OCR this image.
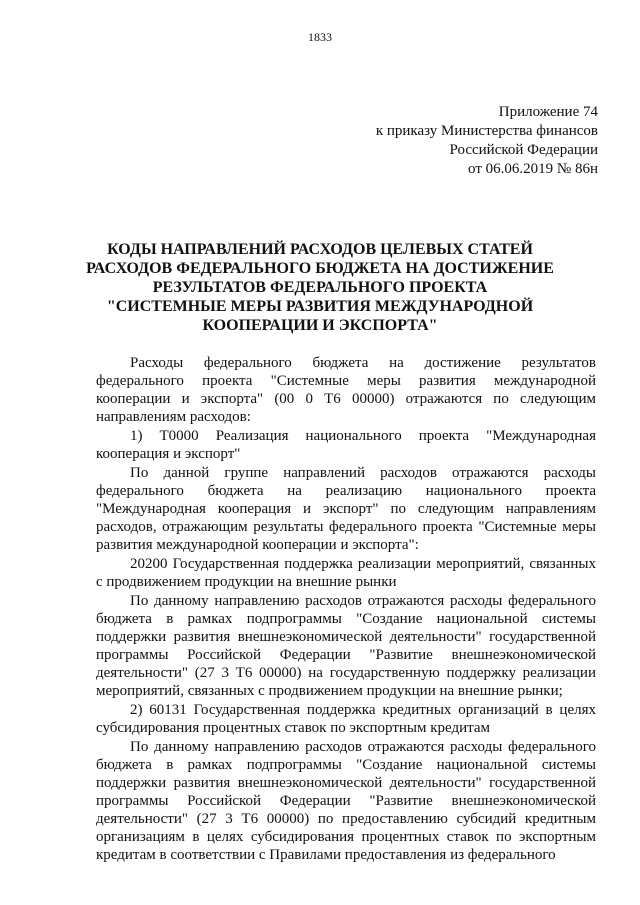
1833
Приложение 74
к приказу Министерства финансов
Российской Федерации
от 06.06.2019 № 86н
КОДЫ НАПРАВЛЕНИЙ РАСХОДОВ ЦЕЛЕВЫХ СТАТЕЙ
РАСХОДОВ ФЕДЕРАЛЬНОГО БЮДЖЕТА НА ДОСТИЖЕНИЕ
РЕЗУЛЬТАТОВ ФЕДЕРАЛЬНОГО ПРОЕКТА
"СИСТЕМНЫЕ МЕРЫ РАЗВИТИЯ МЕЖДУНАРОДНОЙ
КООПЕРАЦИИ И ЭКСПОРТА"

Расходы федерального бюджета на достижение результатов федерального проекта "Системные меры развития международной кооперации и экспорта" (00 0 Т6 00000) отражаются по следующим направлениям расходов:

1) Т0000 Реализация национального проекта "Международная кооперация и экспорт"

По данной группе направлений расходов отражаются расходы федерального бюджета на реализацию национального проекта "Международная кооперация и экспорт" по следующим направлениям расходов, отражающим результаты федерального проекта "Системные меры развития международной кооперации и экспорта":

20200 Государственная поддержка реализации мероприятий, связанных с продвижением продукции на внешние рынки

По данному направлению расходов отражаются расходы федерального бюджета в рамках подпрограммы "Создание национальной системы поддержки развития внешнеэкономической деятельности" государственной программы Российской Федерации "Развитие внешнеэкономической деятельности" (27 3 Т6 00000) на государственную поддержку реализации мероприятий, связанных с продвижением продукции на внешние рынки;

2) 60131 Государственная поддержка кредитных организаций в целях субсидирования процентных ставок по экспортным кредитам

По данному направлению расходов отражаются расходы федерального бюджета в рамках подпрограммы "Создание национальной системы поддержки развития внешнеэкономической деятельности" государственной программы Российской Федерации "Развитие внешнеэкономической деятельности" (27 3 Т6 00000) по предоставлению субсидий кредитным организациям в целях субсидирования процентных ставок по экспортным кредитам в соответствии с Правилами предоставления из федерального
